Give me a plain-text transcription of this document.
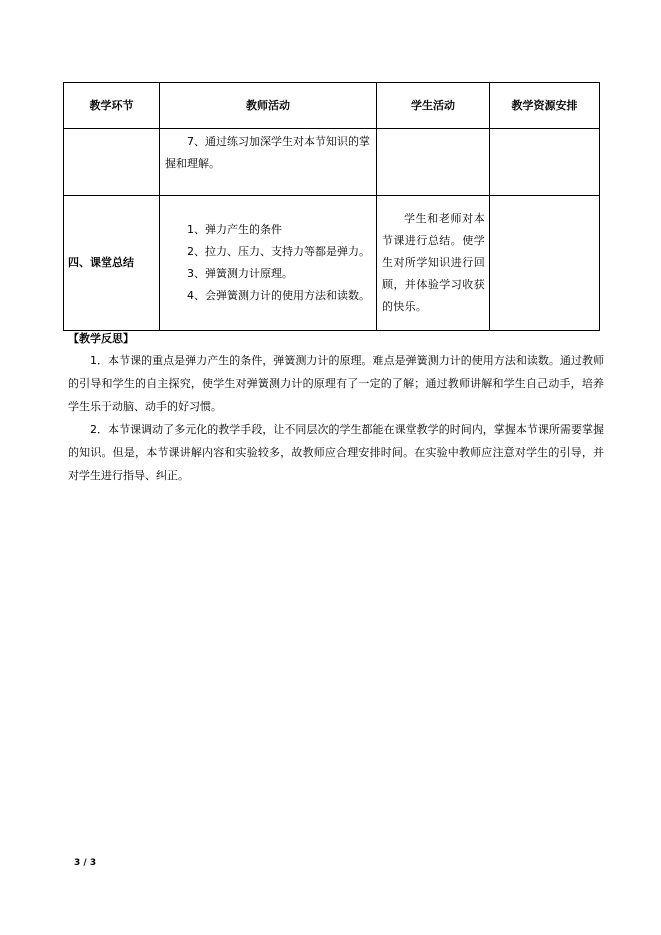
教学环节	教师活动	学生活动	教学资源安排

	7、通过练习加深学生对本节知识的掌握和理解。		

四、课堂总结	1、弹力产生的条件

2、拉力、压力、支持力等都是弹力。

3、弹簧测力计原理。

4、会弹簧测力计的使用方法和读数。	学生和老师对本节课进行总结。使学生对所学知识进行回顾，并体验学习收获的快乐。	

【教学反思】

1．本节课的重点是弹力产生的条件，弹簧测力计的原理。难点是弹簧测力计的使用方法和读数。通过教师的引导和学生的自主探究，使学生对弹簧测力计的原理有了一定的了解；通过教师讲解和学生自己动手，培养学生乐于动脑、动手的好习惯。

2．本节课调动了多元化的教学手段，让不同层次的学生都能在课堂教学的时间内，掌握本节课所需要掌握的知识。但是，本节课讲解内容和实验较多，故教师应合理安排时间。在实验中教师应注意对学生的引导，并对学生进行指导、纠正。

3 / 3
